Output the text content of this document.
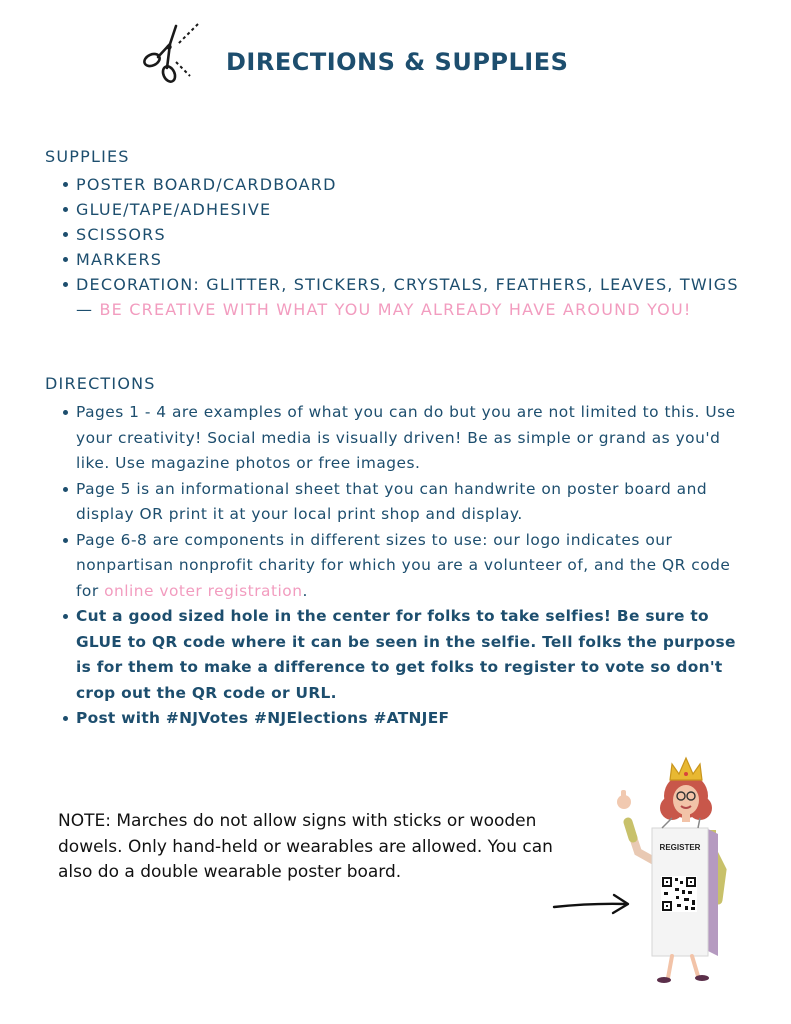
DIRECTIONS & SUPPLIES
SUPPLIES
POSTER BOARD/CARDBOARD
GLUE/TAPE/ADHESIVE
SCISSORS
MARKERS
DECORATION: GLITTER, STICKERS, CRYSTALS, FEATHERS, LEAVES, TWIGS — BE CREATIVE WITH WHAT YOU MAY ALREADY HAVE AROUND YOU!
DIRECTIONS
Pages 1 - 4 are examples of what you can do but you are not limited to this. Use your creativity! Social media is visually driven! Be as simple or grand as you'd like. Use magazine photos or free images.
Page 5 is an informational sheet that you can handwrite on poster board and display OR print it at your local print shop and display.
Page 6-8 are components in different sizes to use: our logo indicates our nonpartisan nonprofit charity for which you are a volunteer of, and the QR code for online voter registration.
Cut a good sized hole in the center for folks to take selfies! Be sure to GLUE to QR code where it can be seen in the selfie. Tell folks the purpose is for them to make a difference to get folks to register to vote so don't crop out the QR code or URL.
Post with #NJVotes #NJElections #ATNJEF
NOTE: Marches do not allow signs with sticks or wooden dowels. Only hand-held or wearables are allowed. You can also do a double wearable poster board.
REGISTER
